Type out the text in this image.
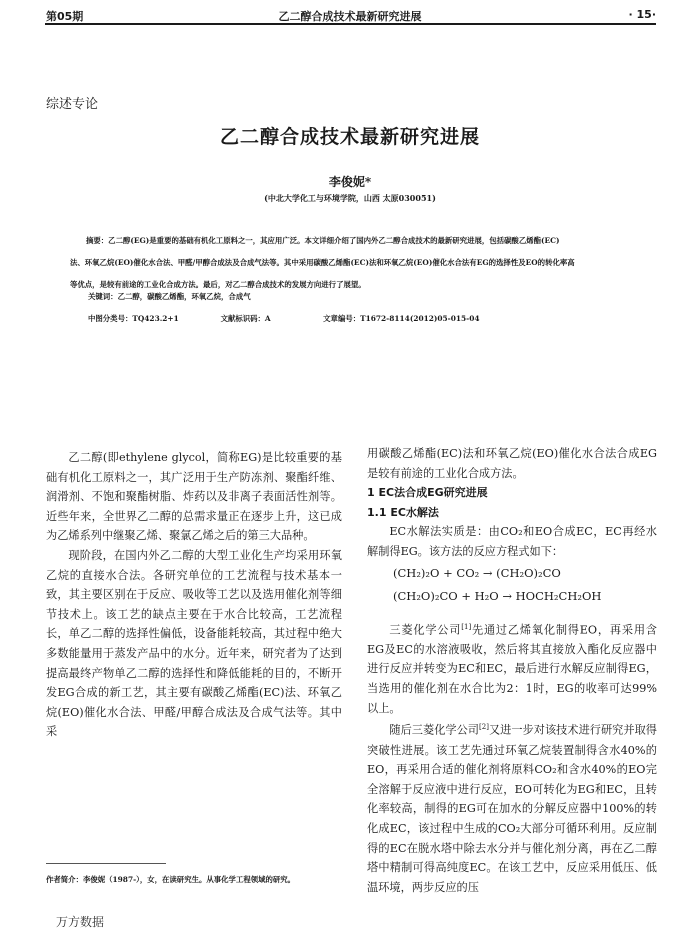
第05期	乙二醇合成技术最新研究进展	· 15·
综述专论
乙二醇合成技术最新研究进展
李俊妮*
(中北大学化工与环境学院，山西 太原030051)

摘要：乙二醇(EG)是重要的基础有机化工原料之一，其应用广泛。本文详细介绍了国内外乙二醇合成技术的最新研究进展，包括碳酸乙烯酯(EC)

法、环氧乙烷(EO)催化水合法、甲醛/甲醇合成法及合成气法等。其中采用碳酸乙烯酯(EC)法和环氧乙烷(EO)催化水合法有EG的选择性及EO的转化率高

等优点，是较有前途的工业化合成方法。最后，对乙二醇合成技术的发展方向进行了展望。

关键词：乙二醇，碳酸乙烯酯，环氧乙烷，合成气
中图分类号：TQ423.2+1	文献标识码：A	文章编号：T1672-8114(2012)05-015-04

乙二醇(即ethylene glycol，简称EG)是比较重要的基础有机化工原料之一，其广泛用于生产防冻剂、聚酯纤维、润滑剂、不饱和聚酯树脂、炸药以及非离子表面活性剂等。近些年来，全世界乙二醇的总需求量正在逐步上升，这已成为乙烯系列中继聚乙烯、聚氯乙烯之后的第三大品种。

现阶段，在国内外乙二醇的大型工业化生产均采用环氧乙烷的直接水合法。各研究单位的工艺流程与技术基本一致，其主要区别在于反应、吸收等工艺以及选用催化剂等细节技术上。该工艺的缺点主要在于水合比较高，工艺流程长，单乙二醇的选择性偏低，设备能耗较高，其过程中绝大多数能量用于蒸发产品中的水分。近年来，研究者为了达到提高最终产物单乙二醇的选择性和降低能耗的目的，不断开发EG合成的新工艺，其主要有碳酸乙烯酯(EC)法、环氧乙烷(EO)催化水合法、甲醛/甲醇合成法及合成气法等。其中采

用碳酸乙烯酯(EC)法和环氧乙烷(EO)催化水合法合成EG是较有前途的工业化合成方法。

1 EC法合成EG研究进展
1.1 EC水解法

EC水解法实质是：由CO₂和EO合成EC，EC再经水解制得EG。该方法的反应方程式如下：

(CH₂)₂O + CO₂ → (CH₂O)₂CO
(CH₂O)₂CO + H₂O → HOCH₂CH₂OH

三菱化学公司[1]先通过乙烯氧化制得EO，再采用含EG及EC的水溶液吸收，然后将其直接放入酯化反应器中进行反应并转变为EC和EC，最后进行水解反应制得EG，当选用的催化剂在水合比为2：1时，EG的收率可达99%以上。

随后三菱化学公司[2]又进一步对该技术进行研究并取得突破性进展。该工艺先通过环氧乙烷装置制得含水40%的EO，再采用合适的催化剂将原料CO₂和含水40%的EO完全溶解于反应液中进行反应，EO可转化为EG和EC，且转化率较高，制得的EG可在加水的分解反应器中100%的转化成EC，该过程中生成的CO₂大部分可循环利用。反应制得的EC在脱水塔中除去水分并与催化剂分离，再在乙二醇塔中精制可得高纯度EC。在该工艺中，反应采用低压、低温环境，两步反应的压

作者简介：李俊妮（1987-），女，在读研究生。从事化学工程领域的研究。
万方数据
